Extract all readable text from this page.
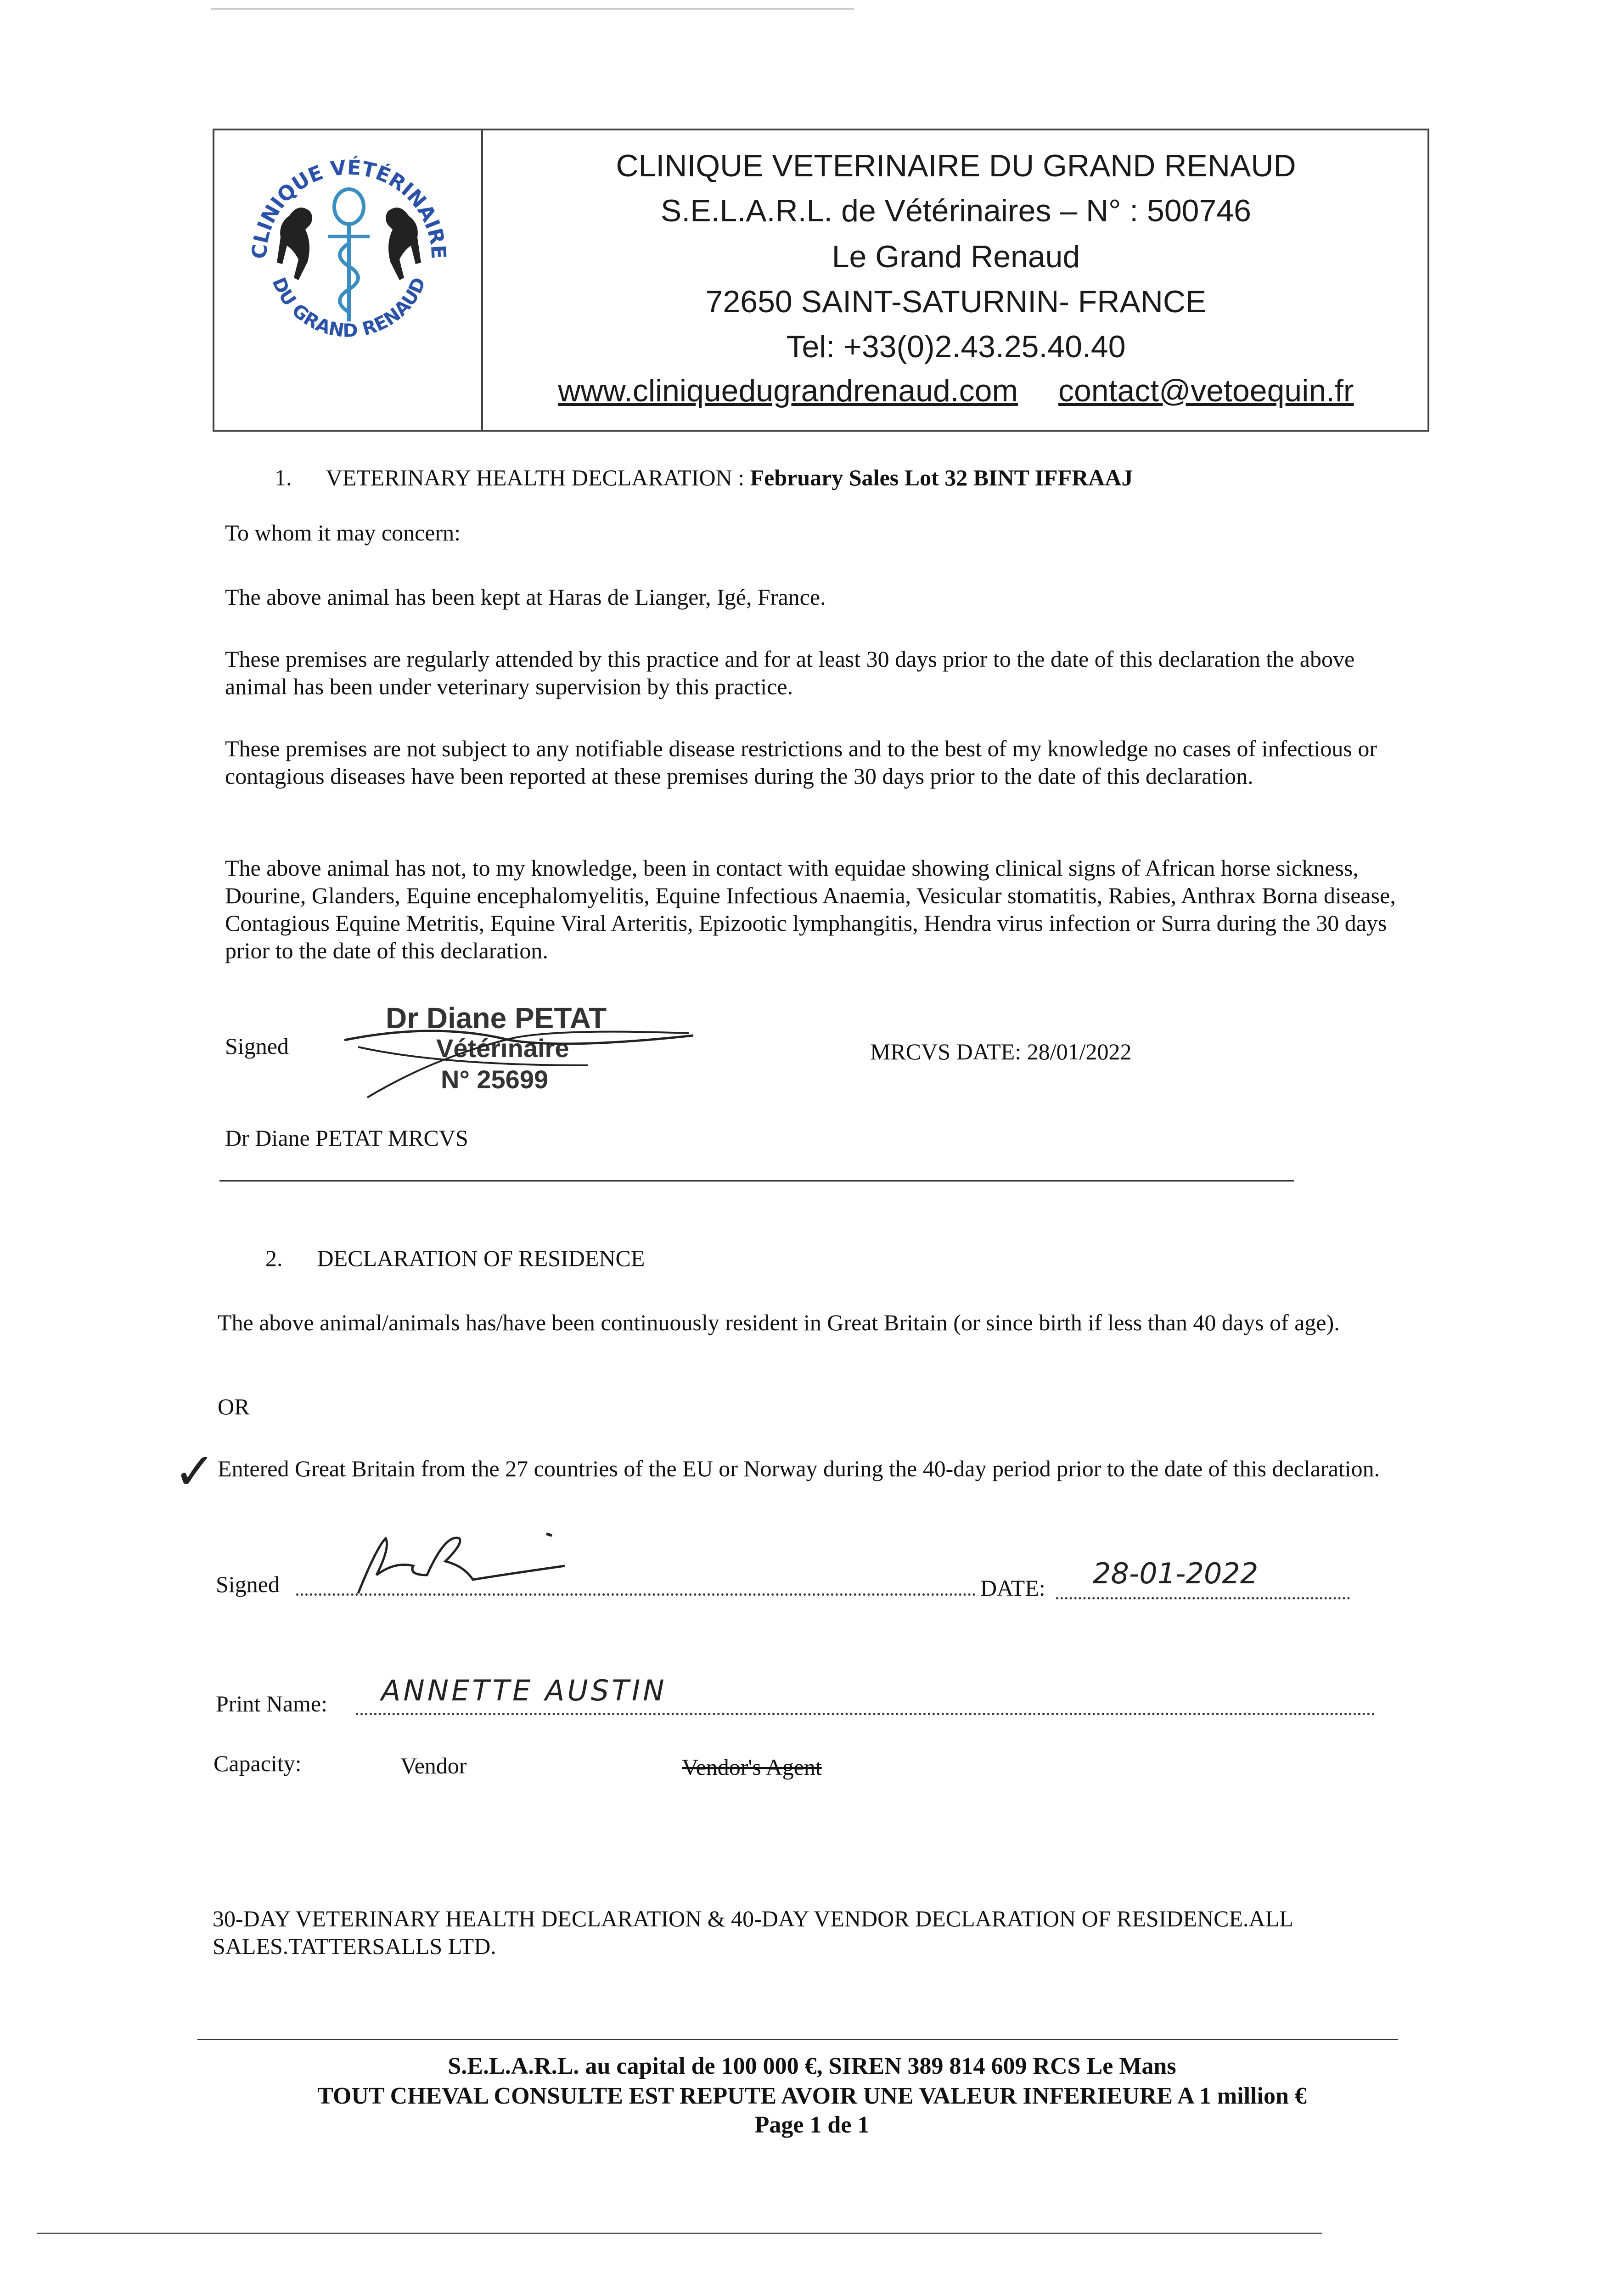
CLINIQUE VÉTÉRINAIRE
DU GRAND RENAUD
CLINIQUE VETERINAIRE DU GRAND RENAUD
S.E.L.A.R.L. de Vétérinaires – N° : 500746
Le Grand Renaud
72650 SAINT-SATURNIN- FRANCE
Tel: +33(0)2.43.25.40.40
www.cliniquedugrandrenaud.com contact@vetoequin.fr
1. VETERINARY HEALTH DECLARATION : February Sales Lot 32 BINT IFFRAAJ
To whom it may concern:
The above animal has been kept at Haras de Lianger, Igé, France.
These premises are regularly attended by this practice and for at least 30 days prior to the date of this declaration the above animal has been under veterinary supervision by this practice.
These premises are not subject to any notifiable disease restrictions and to the best of my knowledge no cases of infectious or contagious diseases have been reported at these premises during the 30 days prior to the date of this declaration.
The above animal has not, to my knowledge, been in contact with equidae showing clinical signs of African horse sickness, Dourine, Glanders, Equine encephalomyelitis, Equine Infectious Anaemia, Vesicular stomatitis, Rabies, Anthrax Borna disease, Contagious Equine Metritis, Equine Viral Arteritis, Epizootic lymphangitis, Hendra virus infection or Surra during the 30 days prior to the date of this declaration.
Signed
Dr Diane PETAT
Vétérinaire
N° 25699
MRCVS DATE: 28/01/2022
Dr Diane PETAT MRCVS
2. DECLARATION OF RESIDENCE
The above animal/animals has/have been continuously resident in Great Britain (or since birth if less than 40 days of age).
OR
✓ Entered Great Britain from the 27 countries of the EU or Norway during the 40-day period prior to the date of this declaration.
Signed	DATE:	28-01-2022
Print Name:	ANNETTE AUSTIN
Capacity:	Vendor	Vendor's Agent
30-DAY VETERINARY HEALTH DECLARATION & 40-DAY VENDOR DECLARATION OF RESIDENCE.ALL SALES.TATTERSALLS LTD.
S.E.L.A.R.L. au capital de 100 000 €, SIREN 389 814 609 RCS Le Mans
TOUT CHEVAL CONSULTE EST REPUTE AVOIR UNE VALEUR INFERIEURE A 1 million €
Page 1 de 1
